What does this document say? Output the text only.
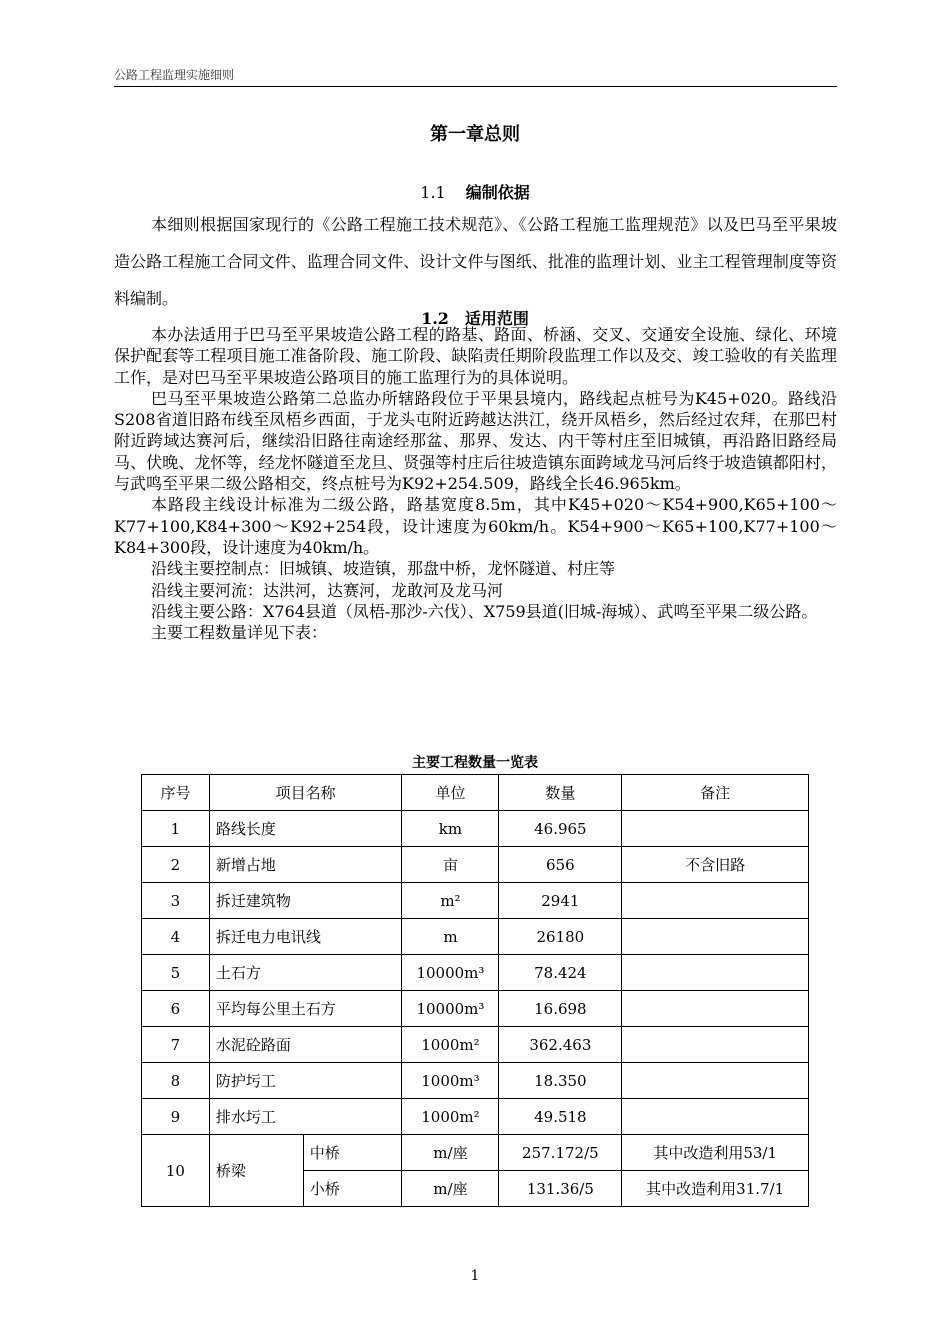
公路工程监理实施细则
第一章总则
1.1 编制依据

本细则根据国家现行的《公路工程施工技术规范》、《公路工程施工监理规范》以及巴马至平果坡造公路工程施工合同文件、监理合同文件、设计文件与图纸、批准的监理计划、业主工程管理制度等资料编制。

1.2 适用范围

本办法适用于巴马至平果坡造公路工程的路基、路面、桥涵、交叉、交通安全设施、绿化、环境保护配套等工程项目施工准备阶段、施工阶段、缺陷责任期阶段监理工作以及交、竣工验收的有关监理工作，是对巴马至平果坡造公路项目的施工监理行为的具体说明。

巴马至平果坡造公路第二总监办所辖路段位于平果县境内，路线起点桩号为K45+020。路线沿S208省道旧路布线至凤梧乡西面，于龙头屯附近跨越达洪江，绕开凤梧乡，然后经过农拜，在那巴村附近跨域达赛河后，继续沿旧路往南途经那盆、那界、发达、内干等村庄至旧城镇，再沿路旧路经局马、伏晚、龙怀等，经龙怀隧道至龙旦、贤强等村庄后往坡造镇东面跨域龙马河后终于坡造镇都阳村，与武鸣至平果二级公路相交，终点桩号为K92+254.509，路线全长46.965km。

本路段主线设计标准为二级公路，路基宽度8.5m，其中K45+020～K54+900,K65+100～K77+100,K84+300～K92+254段，设计速度为60km/h。K54+900～K65+100,K77+100～K84+300段，设计速度为40km/h。

沿线主要控制点：旧城镇、坡造镇，那盘中桥，龙怀隧道、村庄等

沿线主要河流：达洪河，达赛河，龙敢河及龙马河

沿线主要公路：X764县道（凤梧-那沙-六伐）、X759县道(旧城-海城）、武鸣至平果二级公路。

主要工程数量详见下表：

主要工程数量一览表
序号	项目名称		单位	数量	备注
1	路线长度		km	46.965	
2	新增占地		亩	656	不含旧路
3	拆迁建筑物		m²	2941	
4	拆迁电力电讯线		m	26180	
5	土石方		10000m³	78.424	
6	平均每公里土石方		10000m³	16.698	
7	水泥砼路面		1000m²	362.463	
8	防护圬工		1000m³	18.350	
9	排水圬工		1000m²	49.518	
10	桥梁	中桥	m/座	257.172/5	其中改造利用53/1
		小桥	m/座	131.36/5	其中改造利用31.7/1
1
